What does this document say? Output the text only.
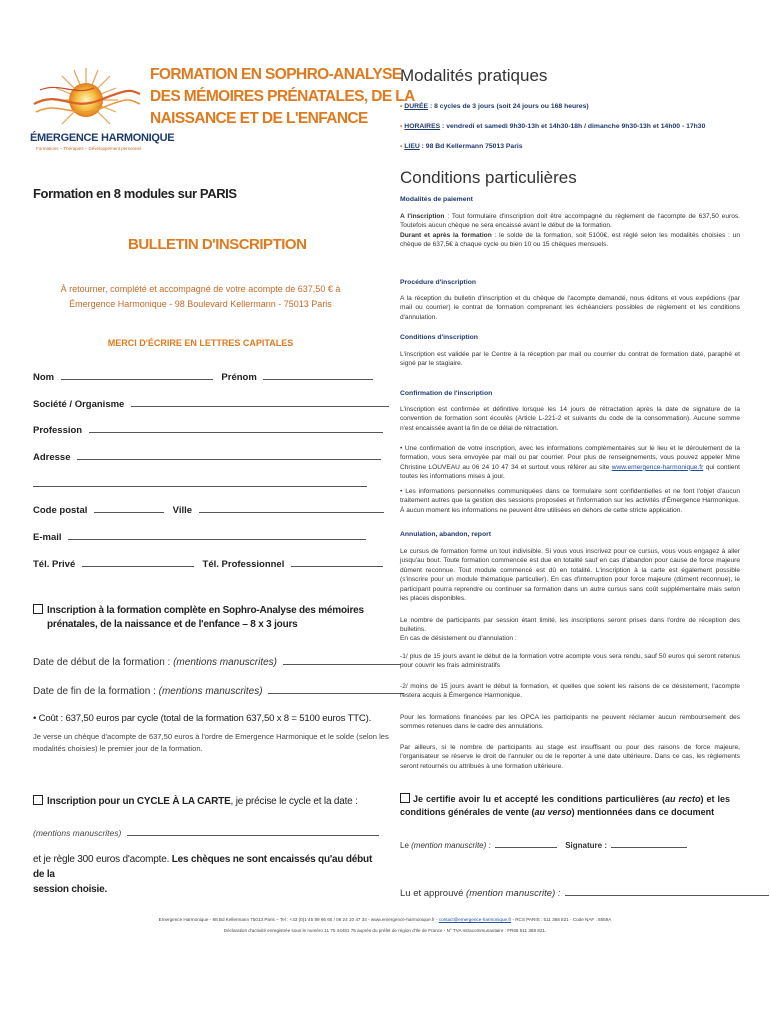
ÉMERGENCE HARMONIQUE
Formations – Thérapies – Développement personnel
FORMATION EN SOPHRO-ANALYSE
DES MÉMOIRES PRÉNATALES, DE LA
NAISSANCE ET DE L'ENFANCE
Formation en 8 modules sur PARIS
BULLETIN D'INSCRIPTION
À retourner, complété et accompagné de votre acompte de 637,50 € à
Émergence Harmonique - 98 Boulevard Kellermann - 75013 Paris
MERCI D'ÉCRIRE EN LETTRES CAPITALES
Nom	Prénom
Société / Organisme
Profession
Adresse
Code postal	Ville
E-mail
Tél. Privé	Tél. Professionnel
Inscription à la formation complète en Sophro-Analyse des mémoires
prénatales, de la naissance et de l'enfance – 8 x 3 jours
Date de début de la formation : (mentions manuscrites)
Date de fin de la formation : (mentions manuscrites)
• Coût : 637,50 euros par cycle (total de la formation 637,50 x 8 = 5100 euros TTC).
Je verse un chèque d'acompte de 637,50 euros à l'ordre de Emergence Harmonique et le solde (selon les
modalités choisies) le premier jour de la formation.
Inscription pour un CYCLE À LA CARTE, je précise le cycle et la date :
(mentions manuscrites)
et je règle 300 euros d'acompte. Les chèques ne sont encaissés qu'au début de la
session choisie.
Modalités pratiques
• DURÉE : 8 cycles de 3 jours (soit 24 jours ou 168 heures)
• HORAIRES : vendredi et samedi 9h30-13h et 14h30-18h / dimanche 9h30-13h et 14h00 - 17h30
• LIEU : 98 Bd Kellermann 75013 Paris
Conditions particulières
Modalités de paiement
A l'inscription : Tout formulaire d'inscription doit être accompagné du règlement de l'acompte de 637,50 euros. Toutefois aucun chèque ne sera encaissé avant le début de la formation.
Durant et après la formation : le solde de la formation, soit 5100€, est réglé selon les modalités choisies : un chèque de 637,5€ à chaque cycle ou bien 10 ou 15 chèques mensuels.
Procédure d'inscription
A la réception du bulletin d'inscription et du chèque de l'acompte demandé, nous éditons et vous expédions (par mail ou courrier) le contrat de formation comprenant les échéanciers possibles de règlement et les conditions d'annulation.
Conditions d'inscription
L'inscription est validée par le Centre à la réception par mail ou courrier du contrat de formation daté, paraphé et signé par le stagiaire.
Confirmation de l'inscription
L'inscription est confirmée et définitive lorsque les 14 jours de rétractation après la date de signature de la convention de formation sont écoulés (Article L-221-2 et suivants du code de la consommation). Aucune somme n'est encaissée avant la fin de ce délai de rétractation.
• Une confirmation de votre inscription, avec les informations complémentaires sur le lieu et le déroulement de la formation, vous sera envoyée par mail ou par courrier. Pour plus de renseignements, vous pouvez appeler Mme Christine LOUVEAU au 06 24 10 47 34 et surtout vous référer au site www.emergence-harmonique.fr qui contient toutes les informations mises à jour.
• Les informations personnelles communiquées dans ce formulaire sont confidentielles et ne font l'objet d'aucun traitement autres que la gestion des sessions proposées et l'information sur les activités d'Émergence Harmonique. À aucun moment les informations ne peuvent être utilisées en dehors de cette stricte application.
Annulation, abandon, report
Le cursus de formation forme un tout indivisible. Si vous vous inscrivez pour ce cursus, vous vous engagez à aller jusqu'au bout. Toute formation commencée est due en totalité sauf en cas d'abandon pour cause de force majeure dûment reconnue. Tout module commencé est dû en totalité. L'inscription à la carte est également possible (s'inscrire pour un module thématique particulier). En cas d'interruption pour force majeure (dûment reconnue), le participant pourra reprendre ou continuer sa formation dans un autre cursus sans coût supplémentaire mais selon les places disponibles.
Le nombre de participants par session étant limité, les inscriptions seront prises dans l'ordre de réception des bulletins.
En cas de désistement ou d'annulation :
-1/ plus de 15 jours avant le début de la formation votre acompte vous sera rendu, sauf 50 euros qui seront retenus pour couvrir les frais administratifs
-2/ moins de 15 jours avant le début la formation, et quelles que soient les raisons de ce désistement, l'acompte restera acquis à Émergence Harmonique.
Pour les formations financées par les OPCA les participants ne peuvent réclamer aucun remboursement des sommes retenues dans le cadre des annulations.
Par ailleurs, si le nombre de participants au stage est insuffisant ou pour des raisons de force majeure, l'organisateur se réserve le droit de l'annuler ou de le reporter à une date ultérieure. Dans ce cas, les règlements seront retournés ou attribués à une formation ultérieure.
Je certifie avoir lu et accepté les conditions particulières (au recto) et les conditions générales de vente (au verso) mentionnées dans ce document
Le (mention manuscrite) :	Signature :
Lu et approuvé (mention manuscrite) :
Emergence Harmonique - 98 Bd Kellermann 75013 Paris – Tel : +33 (0)1 45 89 66 60 / 06 24 10 47 34 - www.emergence-harmonique.fr - contact@emergence-harmonique.fr - RCS PARIS : 511 368 821 - Code NAF : 8559A
Déclaration d'activité enregistrée sous le numéro 11 75 44481 75 auprès du préfet de région d'Ile de France - N° TVA Intracommunautaire : FR65 511 368 821.
